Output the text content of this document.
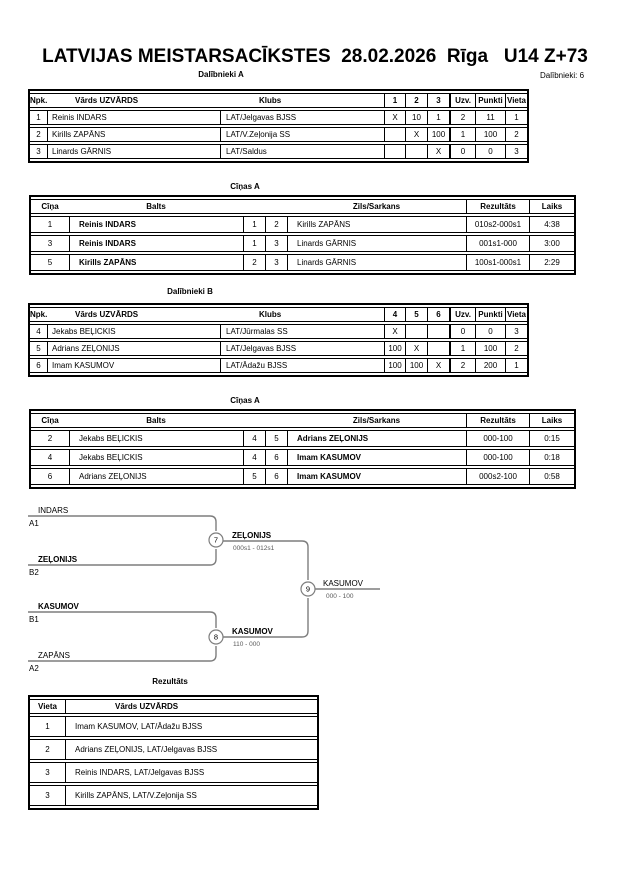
LATVIJAS MEISTARSACĪKSTES  28.02.2026  Rīga   U14 Z+73
Dalībnieki A	Dalībnieki: 6
Npk.	Vārds UZVĀRDS	Klubs	1	2	3	Uzv.	Punkti	Vieta
1	Reinis INDARS	LAT/Jelgavas BJSS	X	10	1	2	11	1
2	Kirills ZAPĀNS	LAT/V.Zeļonija SS		X	100	1	100	2
3	Linards GĀRNIS	LAT/Saldus			X	0	0	3
Cīņas A
Cīņa	Balts			Zils/Sarkans	Rezultāts	Laiks
1	Reinis INDARS	1	2	Kirills ZAPĀNS	010s2-000s1	4:38
3	Reinis INDARS	1	3	Linards GĀRNIS	001s1-000	3:00
5	Kirills ZAPĀNS	2	3	Linards GĀRNIS	100s1-000s1	2:29
Dalībnieki B
Npk.	Vārds UZVĀRDS	Klubs	4	5	6	Uzv.	Punkti	Vieta
4	Jekabs BEĻICKIS	LAT/Jūrmalas SS	X			0	0	3
5	Adrians ZEĻONIJS	LAT/Jelgavas BJSS	100	X		1	100	2
6	Imam KASUMOV	LAT/Ādažu BJSS	100	100	X	2	200	1
Cīņas A
Cīņa	Balts			Zils/Sarkans	Rezultāts	Laiks
2	Jekabs BEĻICKIS	4	5	Adrians ZEĻONIJS	000-100	0:15
4	Jekabs BEĻICKIS	4	6	Imam KASUMOV	000-100	0:18
6	Adrians ZEĻONIJS	5	6	Imam KASUMOV	000s2-100	0:58
7
8
9
INDARS
A1
ZEĻONIJS
B2
ZEĻONIJS
000s1 - 012s1
KASUMOV
B1
ZAPĀNS
A2
KASUMOV
110 - 000
KASUMOV
000 - 100
Rezultāts
Vieta	Vārds UZVĀRDS
1	Imam KASUMOV, LAT/Ādažu BJSS
2	Adrians ZEĻONIJS, LAT/Jelgavas BJSS
3	Reinis INDARS, LAT/Jelgavas BJSS
3	Kirills ZAPĀNS, LAT/V.Zeļonija SS
